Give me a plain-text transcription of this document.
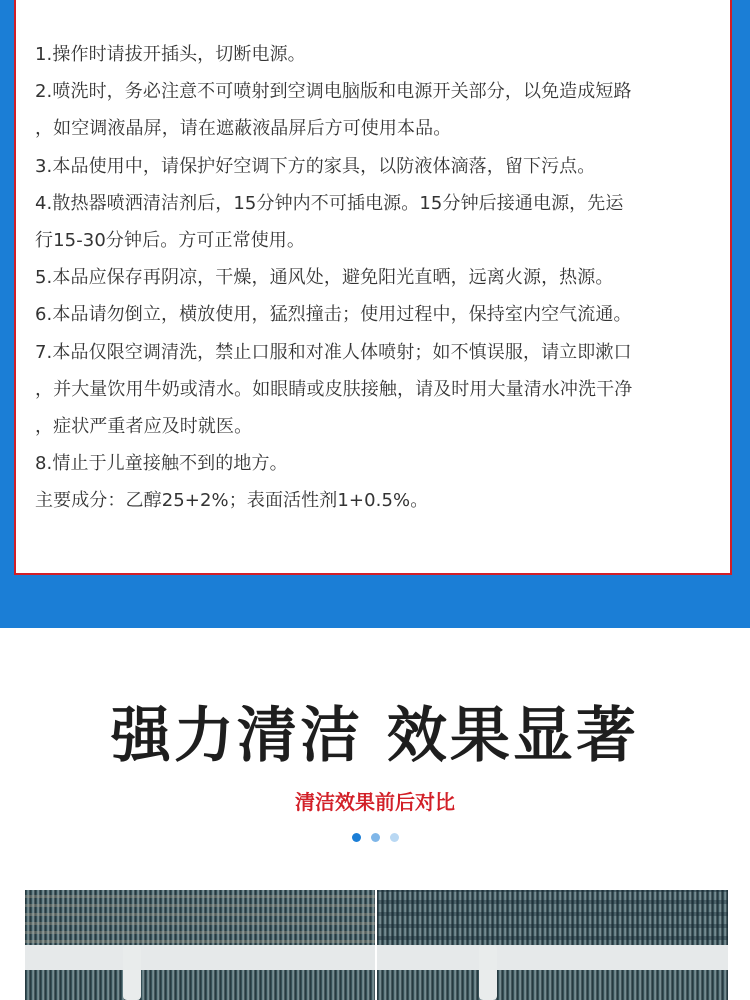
1.操作时请拔开插头，切断电源。
2.喷洗时，务必注意不可喷射到空调电脑版和电源开关部分，以免造成短路
，如空调液晶屏，请在遮蔽液晶屏后方可使用本品。
3.本品使用中，请保护好空调下方的家具，以防液体滴落，留下污点。
4.散热器喷洒清洁剂后，15分钟内不可插电源。15分钟后接通电源，先运
行15-30分钟后。方可正常使用。
5.本品应保存再阴凉，干燥，通风处，避免阳光直晒，远离火源，热源。
6.本品请勿倒立，横放使用，猛烈撞击；使用过程中，保持室内空气流通。
7.本品仅限空调清洗，禁止口服和对准人体喷射；如不慎误服，请立即漱口
，并大量饮用牛奶或清水。如眼睛或皮肤接触，请及时用大量清水冲洗干净
，症状严重者应及时就医。
8.情止于儿童接触不到的地方。
主要成分：乙醇25+2%；表面活性剂1+0.5%。
强力清洁 效果显著
清洁效果前后对比
